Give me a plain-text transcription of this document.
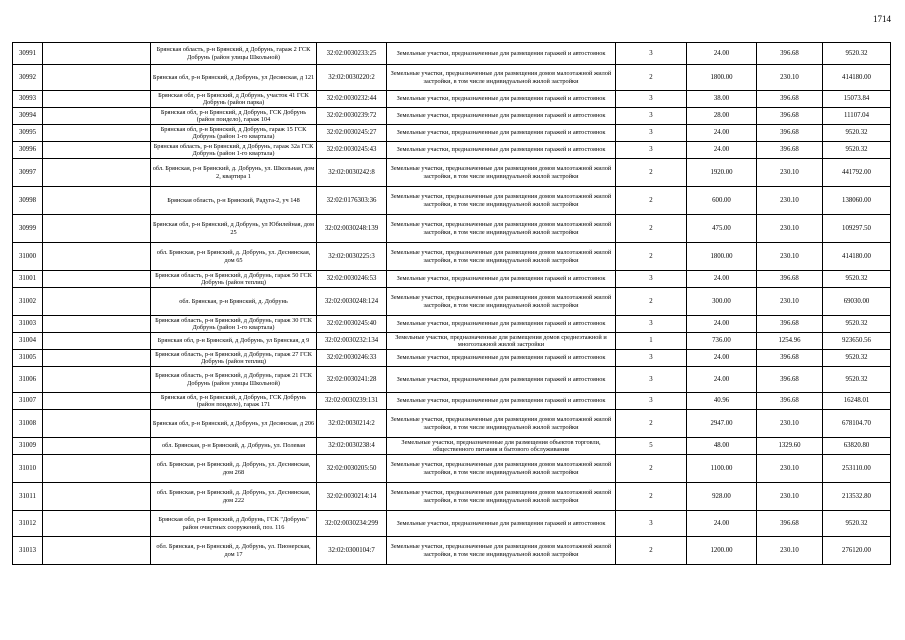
1714
30991		Брянская область, р-н Брянский, д Добрунь, гараж 2 ГСК Добрунь (район улицы Школьной)	32:02:0030233:25	Земельные участки, предназначенные для размещения гаражей и автостоянок	3	24.00	396.68	9520.32
30992		Брянская обл, р-н Брянский, д Добрунь, ул Десянская, д 121	32:02:0030220:2	Земельные участки, предназначенные для размещения домов малоэтажной жилой застройки, в том числе индивидуальной жилой застройки	2	1800.00	230.10	414180.00
30993		Брянская обл, р-н Брянский, д Добрунь, участок 41 ГСК Добрунь (район парка)	32:02:0030232:44	Земельные участки, предназначенные для размещения гаражей и автостоянок	3	38.00	396.68	15073.84
30994		Брянская обл, р-н Брянский, д Добрунь, ГСК Добрунь (район поидело), гараж 104	32:02:0030239:72	Земельные участки, предназначенные для размещения гаражей и автостоянок	3	28.00	396.68	11107.04
30995		Брянская обл, р-н Брянский, д Добрунь, гараж 15 ГСК Добрунь (район 1-го квартала)	32:02:0030245:27	Земельные участки, предназначенные для размещения гаражей и автостоянок	3	24.00	396.68	9520.32
30996		Брянская область, р-н Брянский, д Добрунь, гараж 32а ГСК Добрунь (район 1-го квартала)	32:02:0030245:43	Земельные участки, предназначенные для размещения гаражей и автостоянок	3	24.00	396.68	9520.32
30997		обл. Брянская, р-н Брянский, д. Добрунь, ул. Школьная, дом 2, квартира 1	32:02:0030242:8	Земельные участки, предназначенные для размещения домов малоэтажной жилой застройки, в том числе индивидуальной жилой застройки	2	1920.00	230.10	441792.00
30998		Брянская область, р-н Брянский, Радуга-2, уч 148	32:02:0176303:36	Земельные участки, предназначенные для размещения домов малоэтажной жилой застройки, в том числе индивидуальной жилой застройки	2	600.00	230.10	138060.00
30999		Брянская обл, р-н Брянский, д Добрунь, ул Юбилейная, дом 25	32:02:0030248:139	Земельные участки, предназначенные для размещения домов малоэтажной жилой застройки, в том числе индивидуальной жилой застройки	2	475.00	230.10	109297.50
31000		обл. Брянская, р-н Брянский, д. Добрунь, ул. Деснянская, дом 65	32:02:0030225:3	Земельные участки, предназначенные для размещения домов малоэтажной жилой застройки, в том числе индивидуальной жилой застройки	2	1800.00	230.10	414180.00
31001		Брянская область, р-н Брянский, д Добрунь, гараж 50 ГСК Добрунь (район теплиц)	32:02:0030246:53	Земельные участки, предназначенные для размещения гаражей и автостоянок	3	24.00	396.68	9520.32
31002		обл. Брянская, р-н Брянский, д. Добрунь	32:02:0030248:124	Земельные участки, предназначенные для размещения домов малоэтажной жилой застройки, в том числе индивидуальной жилой застройки	2	300.00	230.10	69030.00
31003		Брянская область, р-н Брянский, д Добрунь, гараж 30 ГСК Добрунь (район 1-го квартала)	32:02:0030245:40	Земельные участки, предназначенные для размещения гаражей и автостоянок	3	24.00	396.68	9520.32
31004		Брянская обл, р-н Брянский, д Добрунь, ул Брянская, д 9	32:02:0030232:134	Земельные участки, предназначенные для размещения домов среднеэтажной и многоэтажной жилой застройки	1	736.00	1254.96	923650.56
31005		Брянская область, р-н Брянский, д Добрунь, гараж 27 ГСК Добрунь (район теплиц)	32:02:0030246:33	Земельные участки, предназначенные для размещения гаражей и автостоянок	3	24.00	396.68	9520.32
31006		Брянская область, р-н Брянский, д Добрунь, гараж 21 ГСК Добрунь (район улицы Школьной)	32:02:0030241:28	Земельные участки, предназначенные для размещения гаражей и автостоянок	3	24.00	396.68	9520.32
31007		Брянская обл, р-н Брянский, д Добрунь, ГСК Добрунь (район поидело), гараж 171	32:02:0030239:131	Земельные участки, предназначенные для размещения гаражей и автостоянок	3	40.96	396.68	16248.01
31008		Брянская обл, р-н Брянский, д Добрунь, ул Десянская, д 206	32:02:0030214:2	Земельные участки, предназначенные для размещения домов малоэтажной жилой застройки, в том числе индивидуальной жилой застройки	2	2947.00	230.10	678104.70
31009		обл. Брянская, р-н Брянский, д. Добрунь, ул. Полевая	32:02:0030238:4	Земельные участки, предназначенные для размещения объектов торговли, общественного питания и бытового обслуживания	5	48.00	1329.60	63820.80
31010		обл. Брянская, р-н Брянский, д. Добрунь, ул. Деснянская, дом 268	32:02:0030205:50	Земельные участки, предназначенные для размещения домов малоэтажной жилой застройки, в том числе индивидуальной жилой застройки	2	1100.00	230.10	253110.00
31011		обл. Брянская, р-н Брянский, д. Добрунь, ул. Деснянская, дом 222	32:02:0030214:14	Земельные участки, предназначенные для размещения домов малоэтажной жилой застройки, в том числе индивидуальной жилой застройки	2	928.00	230.10	213532.80
31012		Брянская обл, р-н Брянский, д Добрунь, ГСК "Добрунь" район очистных сооружений, поз. 116	32:02:0030234:299	Земельные участки, предназначенные для размещения гаражей и автостоянок	3	24.00	396.68	9520.32
31013		обл. Брянская, р-н Брянский, д. Добрунь, ул. Пионерская, дом 17	32:02:0300104:7	Земельные участки, предназначенные для размещения домов малоэтажной жилой застройки, в том числе индивидуальной жилой застройки	2	1200.00	230.10	276120.00
